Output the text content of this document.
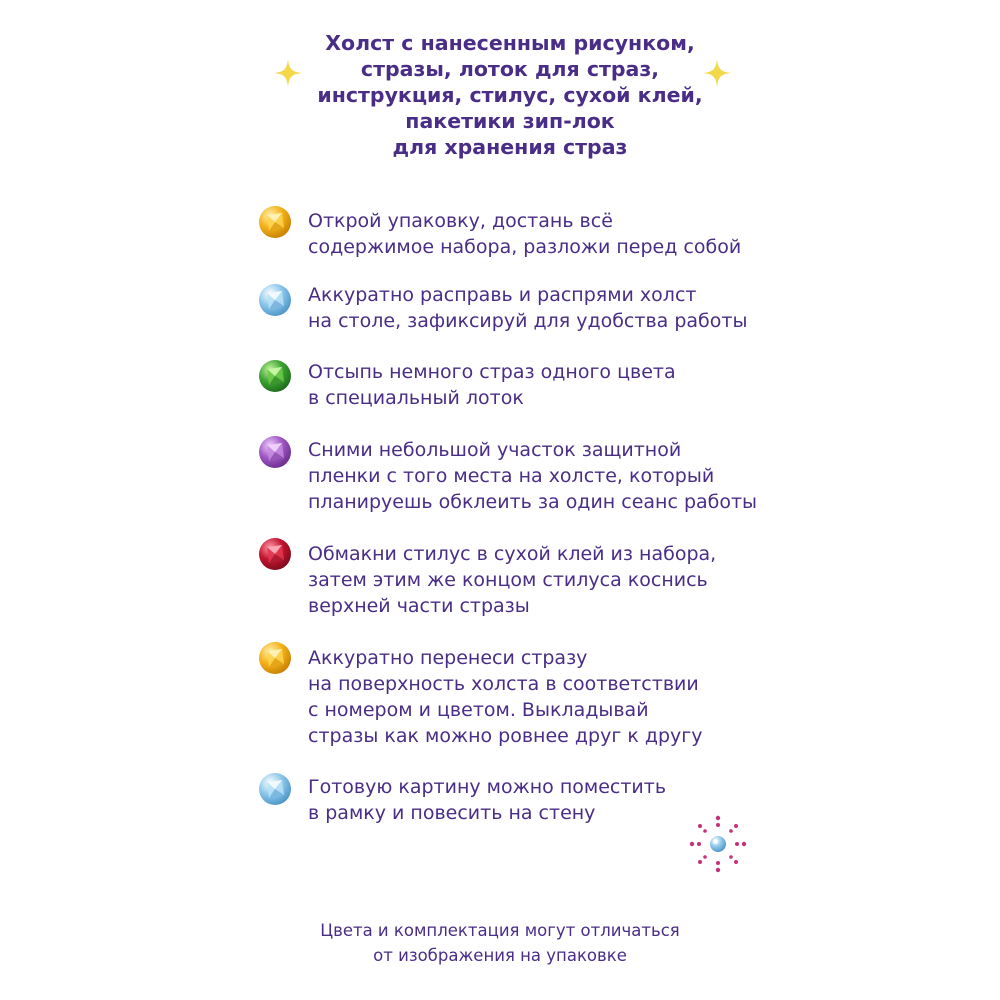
Холст с нанесенным рисунком,
стразы, лоток для страз,
инструкция, стилус, сухой клей,
пакетики зип-лок
для хранения страз
Открой упаковку, достань всё
содержимое набора, разложи перед собой
Аккуратно расправь и распрями холст
на столе, зафиксируй для удобства работы
Отсыпь немного страз одного цвета
в специальный лоток
Сними небольшой участок защитной
пленки с того места на холсте, который
планируешь обклеить за один сеанс работы
Обмакни стилус в сухой клей из набора,
затем этим же концом стилуса коснись
верхней части стразы
Аккуратно перенеси стразу
на поверхность холста в соответствии
с номером и цветом. Выкладывай
стразы как можно ровнее друг к другу
Готовую картину можно поместить
в рамку и повесить на стену
Цвета и комплектация могут отличаться
от изображения на упаковке
